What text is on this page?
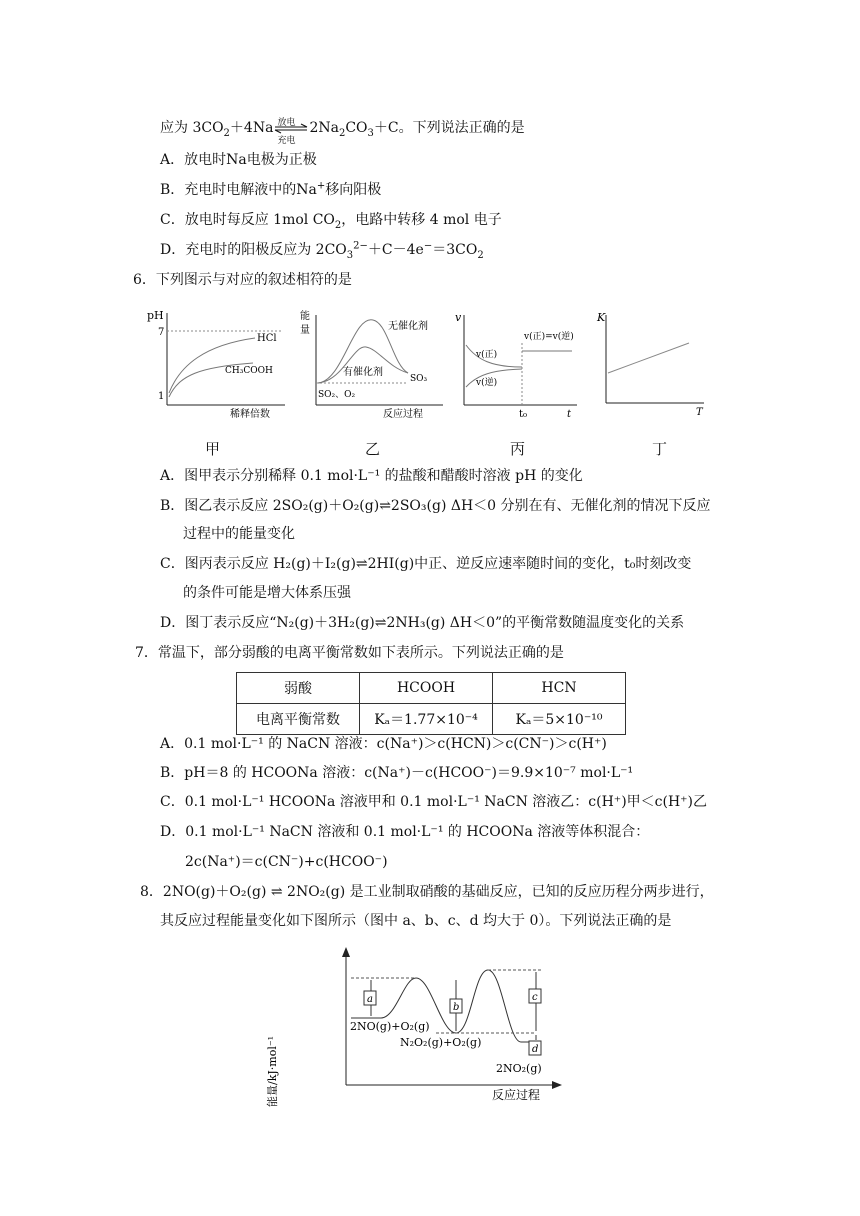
应为 $3CO_2+4Na$ 放电
充电
$2Na_2CO_3+C$。下列说法正确的是
A．放电时Na电极为正极
B．充电时电解液中的Na+移向阳极
C．放电时每反应 1mol $CO_2$，电路中转移 4 mol 电子
D．充电时的阳极反应为 $2CO_3^{2-}+C-4e^-=3CO_2$
6．下列图示与对应的叙述相符的是
pH
7
1
HCl
CH₃COOH
稀释倍数
能
量	无催化剂
有催化剂
SO₃
SO₂、O₂
反应过程
v
v(正)
v(逆)
v(正)=v(逆)
t₀	t
K
T
甲	乙	丙	丁
A．图甲表示分别稀释 0.1 mol·L⁻¹ 的盐酸和醋酸时溶液 pH 的变化
B．图乙表示反应 2SO₂(g)＋O₂(g)⇌2SO₃(g) ΔH＜0 分别在有、无催化剂的情况下反应
过程中的能量变化
C．图丙表示反应 H₂(g)＋I₂(g)⇌2HI(g)中正、逆反应速率随时间的变化，t₀时刻改变
的条件可能是增大体系压强
D．图丁表示反应“N₂(g)＋3H₂(g)⇌2NH₃(g) ΔH＜0”的平衡常数随温度变化的关系
7．常温下，部分弱酸的电离平衡常数如下表所示。下列说法正确的是
弱酸	HCOOH	HCN
电离平衡常数	Kₐ＝1.77×10⁻⁴	Kₐ＝5×10⁻¹⁰
A．0.1 mol·L⁻¹ 的 NaCN 溶液：c(Na⁺)＞c(HCN)＞c(CN⁻)＞c(H⁺)
B．pH＝8 的 HCOONa 溶液：c(Na⁺)－c(HCOO⁻)＝9.9×10⁻⁷ mol·L⁻¹
C．0.1 mol·L⁻¹ HCOONa 溶液甲和 0.1 mol·L⁻¹ NaCN 溶液乙：c(H⁺)甲＜c(H⁺)乙
D．0.1 mol·L⁻¹ NaCN 溶液和 0.1 mol·L⁻¹ 的 HCOONa 溶液等体积混合：
2c(Na⁺)＝c(CN⁻)+c(HCOO⁻)
8．2NO(g)＋O₂(g) ⇌ 2NO₂(g) 是工业制取硝酸的基础反应，已知的反应历程分两步进行，
其反应过程能量变化如下图所示（图中 a、b、c、d 均大于 0）。下列说法正确的是
能量/kJ·mol⁻¹	反应过程
a
b
c
d
2NO(g)+O₂(g)
N₂O₂(g)+O₂(g)
2NO₂(g)
